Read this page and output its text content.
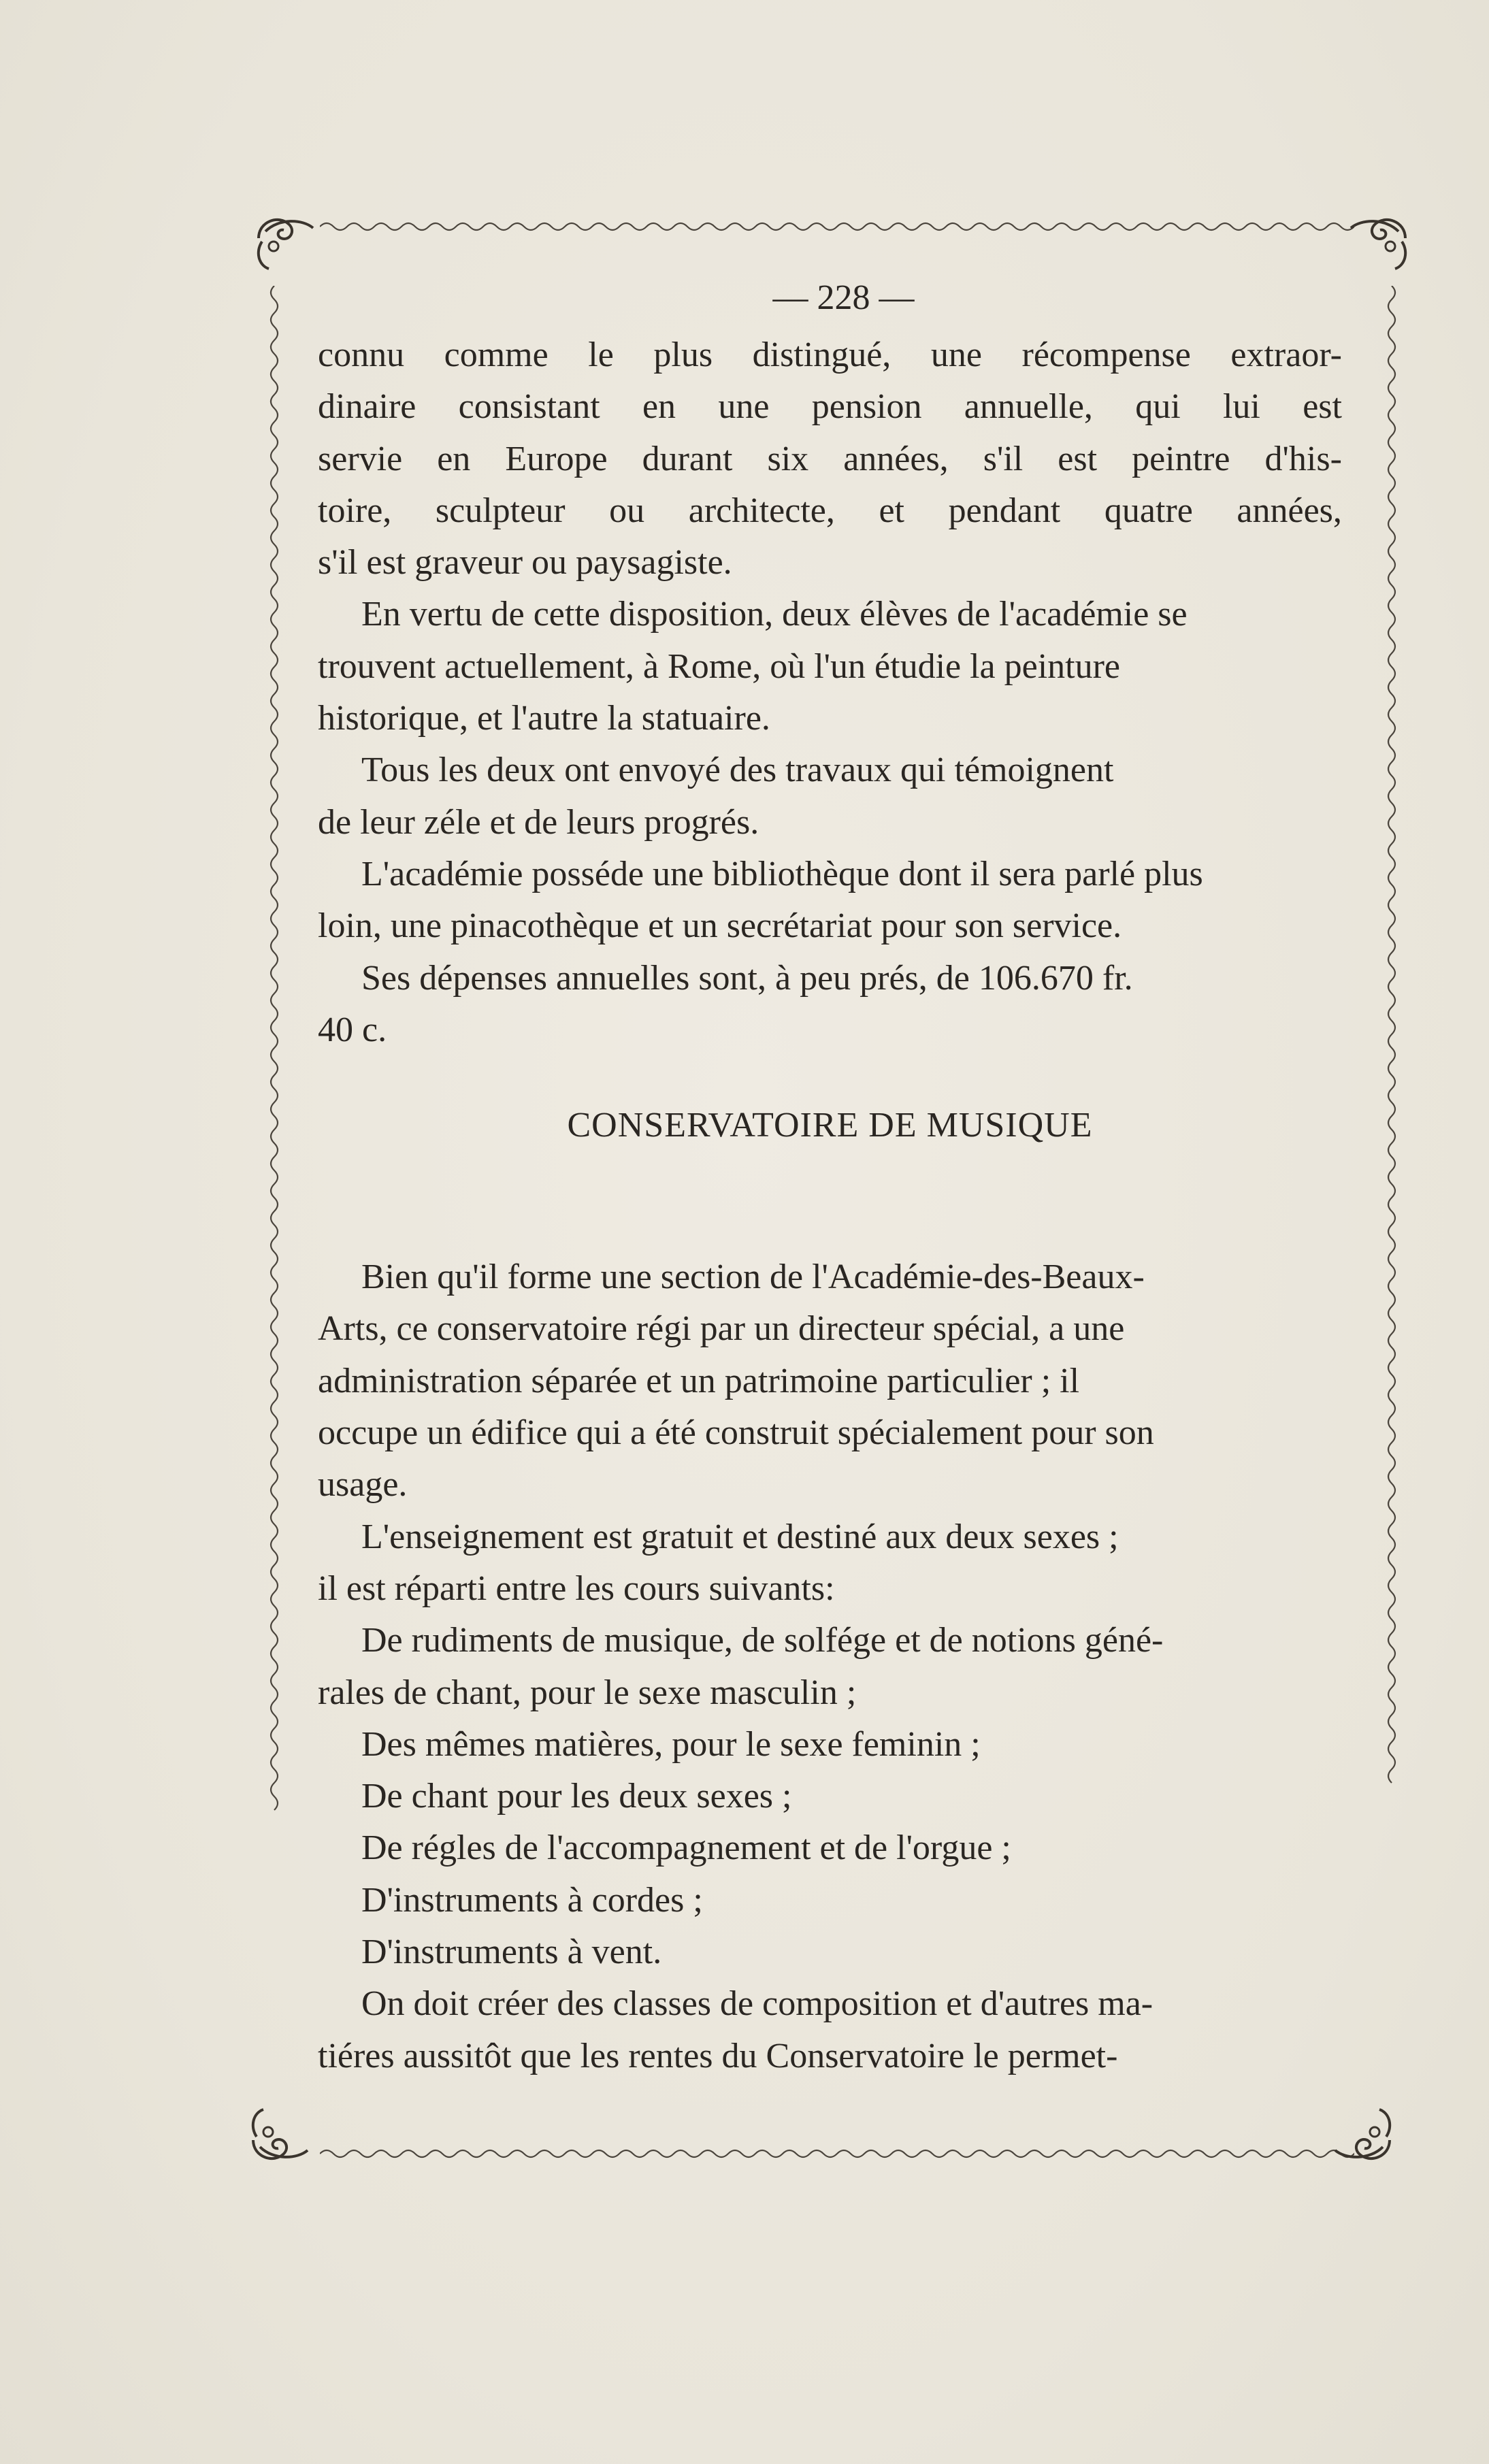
— 228 —
connu comme le plus distingué, une récompense extraor-
dinaire consistant en une pension annuelle, qui lui est
servie en Europe durant six années, s'il est peintre d'his-
toire, sculpteur ou architecte, et pendant quatre années,
s'il est graveur ou paysagiste.
En vertu de cette disposition, deux élèves de l'académie se
trouvent actuellement, à Rome, où l'un étudie la peinture
historique, et l'autre la statuaire.
Tous les deux ont envoyé des travaux qui témoignent
de leur zéle et de leurs progrés.
L'académie posséde une bibliothèque dont il sera parlé plus
loin, une pinacothèque et un secrétariat pour son service.
Ses dépenses annuelles sont, à peu prés, de 106.670 fr.
40 c.
CONSERVATOIRE DE MUSIQUE
Bien qu'il forme une section de l'Académie-des-Beaux-
Arts, ce conservatoire régi par un directeur spécial, a une
administration séparée et un patrimoine particulier ; il
occupe un édifice qui a été construit spécialement pour son
usage.
L'enseignement est gratuit et destiné aux deux sexes ;
il est réparti entre les cours suivants:
De rudiments de musique, de solfége et de notions géné-
rales de chant, pour le sexe masculin ;
Des mêmes matières, pour le sexe feminin ;
De chant pour les deux sexes ;
De régles de l'accompagnement et de l'orgue ;
D'instruments à cordes ;
D'instruments à vent.
On doit créer des classes de composition et d'autres ma-
tiéres aussitôt que les rentes du Conservatoire le permet-
